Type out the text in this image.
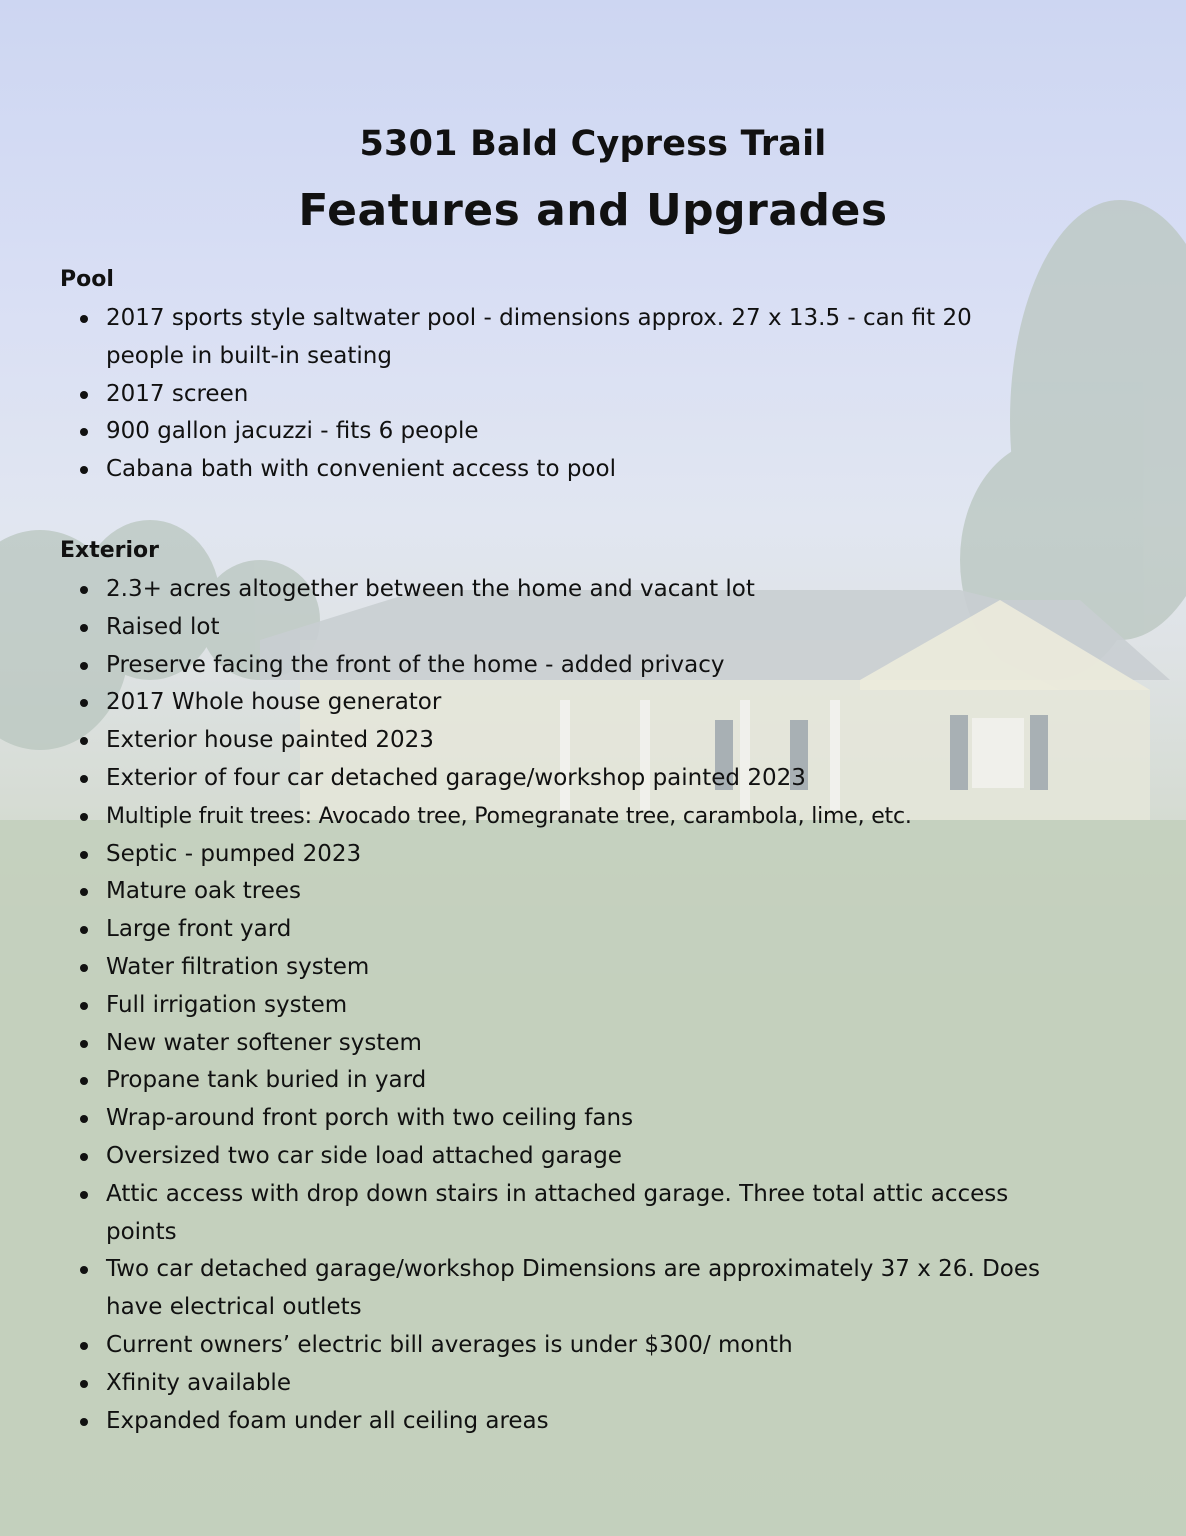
5301 Bald Cypress Trail
Features and Upgrades
Pool
2017 sports style saltwater pool - dimensions approx. 27 x 13.5 - can fit 20 people in built-in seating
2017 screen
900 gallon jacuzzi - fits 6 people
Cabana bath with convenient access to pool
Exterior
2.3+ acres altogether between the home and vacant lot
Raised lot
Preserve facing the front of the home - added privacy
2017 Whole house generator
Exterior house painted 2023
Exterior of four car detached garage/workshop painted 2023
Multiple fruit trees: Avocado tree, Pomegranate tree, carambola, lime, etc.
Septic - pumped 2023
Mature oak trees
Large front yard
Water filtration system
Full irrigation system
New water softener system
Propane tank buried in yard
Wrap-around front porch with two ceiling fans
Oversized two car side load attached garage
Attic access with drop down stairs in attached garage. Three total attic access points
Two car detached garage/workshop Dimensions are approximately 37 x 26. Does have electrical outlets
Current owners’ electric bill averages is under $300/ month
Xfinity available
Expanded foam under all ceiling areas
